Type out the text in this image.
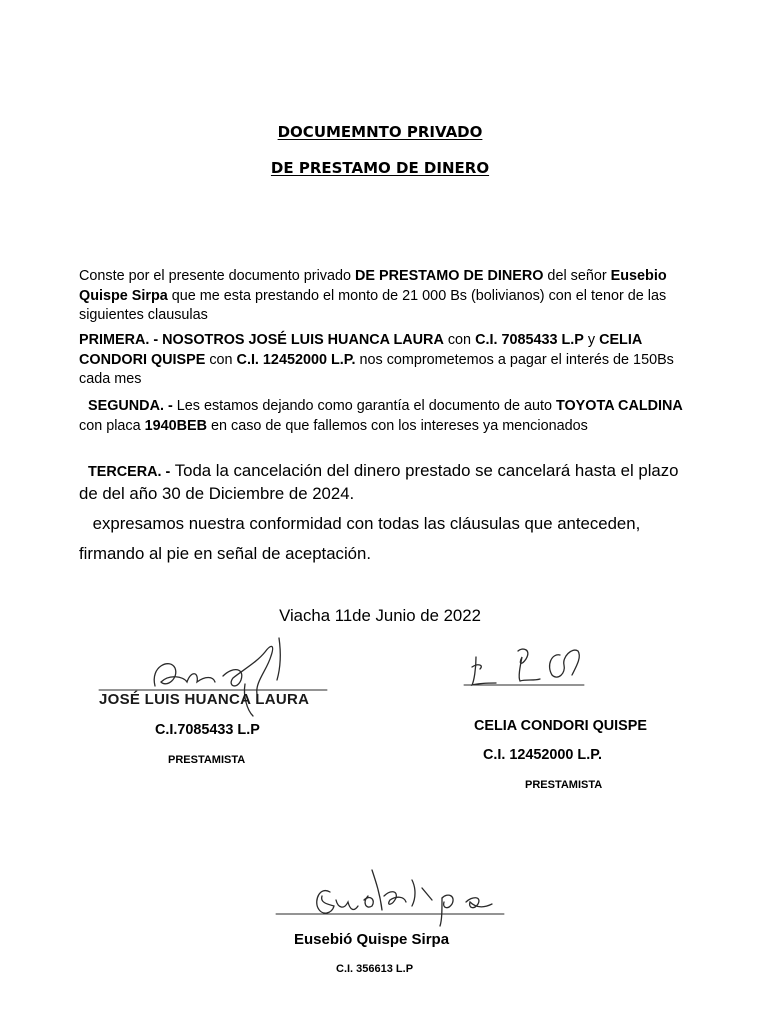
DOCUMEMNTO PRIVADO
DE PRESTAMO DE DINERO
Conste por el presente documento privado DE PRESTAMO DE DINERO del señor Eusebio Quispe Sirpa que me esta prestando el monto de 21 000 Bs (bolivianos) con el tenor de las siguientes clausulas
PRIMERA. - NOSOTROS JOSÉ LUIS HUANCA LAURA con C.I. 7085433 L.P y CELIA CONDORI QUISPE con C.I. 12452000 L.P. nos comprometemos a pagar el interés de 150Bs cada mes
SEGUNDA. - Les estamos dejando como garantía el documento de auto TOYOTA CALDINA con placa 1940BEB en caso de que fallemos con los intereses ya mencionados
TERCERA. - Toda la cancelación del dinero prestado se cancelará hasta el plazo de del año 30 de Diciembre de 2024.
expresamos nuestra conformidad con todas las cláusulas que anteceden, firmando al pie en señal de aceptación.
Viacha 11de Junio de 2022
JOSÉ LUIS HUANCA LAURA
C.I.7085433 L.P
PRESTAMISTA
CELIA CONDORI QUISPE
C.I. 12452000 L.P.
PRESTAMISTA
Eusebió Quispe Sirpa
C.I. 356613 L.P
